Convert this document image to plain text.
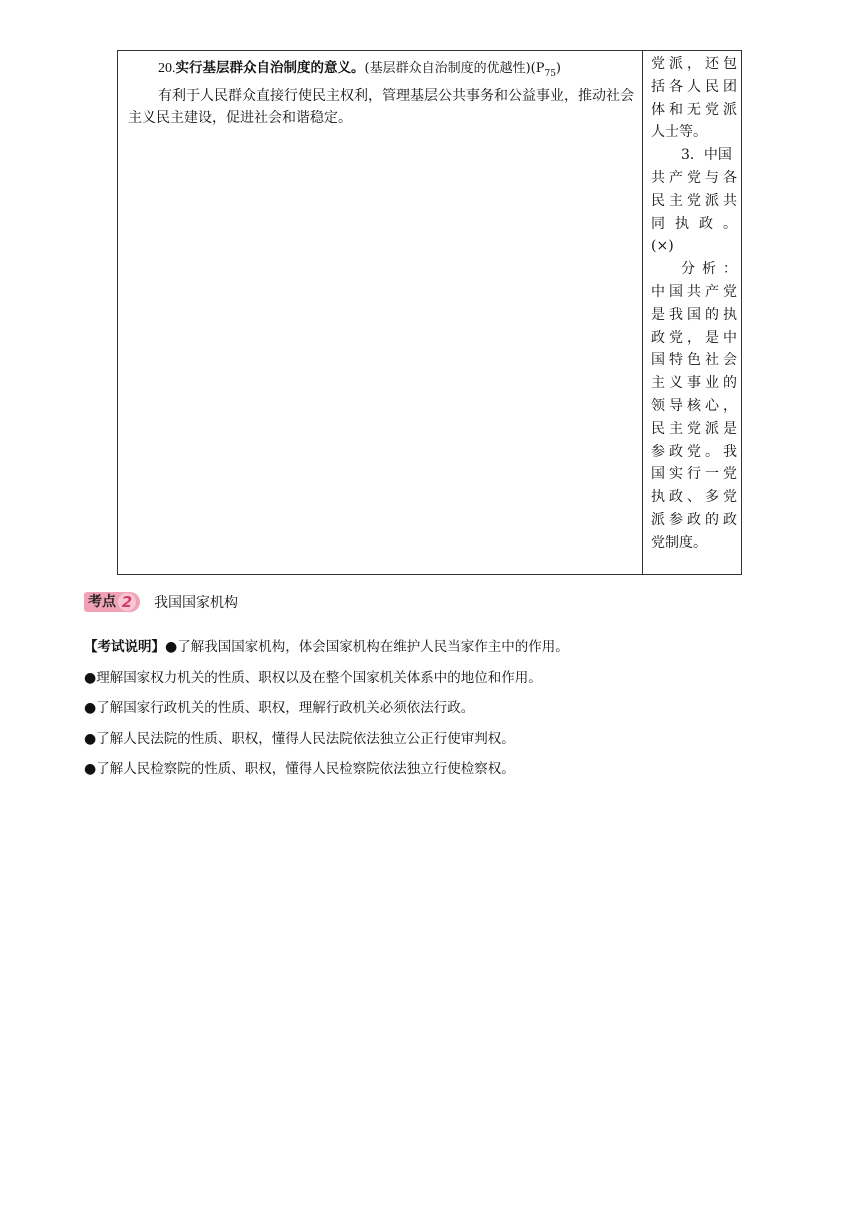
20.实行基层群众自治制度的意义。(基层群众自治制度的优越性)$(P_{75})$

有利于人民群众直接行使民主权利，管理基层公共事务和公益事业，推动社会主义民主建设，促进社会和谐稳定。

党派，还包
括各人民团
体和无党派
人士等。
3．中国
共产党与各
民主党派共
同执政。
(×)
分析：
中国共产党
是我国的执
政党，是中
国特色社会
主义事业的
领导核心，
民主党派是
参政党。我
国实行一党
执政、多党
派参政的政
党制度。
考点 2 我国国家机构
【考试说明】●了解我国国家机构，体会国家机构在维护人民当家作主中的作用。
●理解国家权力机关的性质、职权以及在整个国家机关体系中的地位和作用。
●了解国家行政机关的性质、职权，理解行政机关必须依法行政。
●了解人民法院的性质、职权，懂得人民法院依法独立公正行使审判权。
●了解人民检察院的性质、职权，懂得人民检察院依法独立行使检察权。
